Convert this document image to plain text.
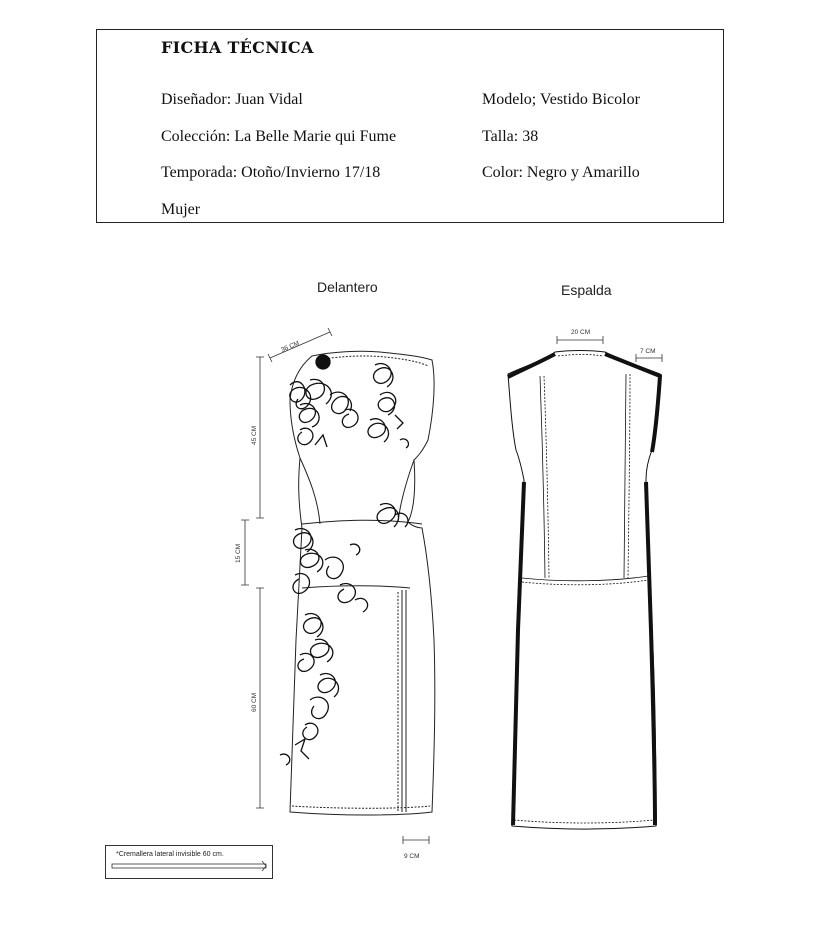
FICHA TÉCNICA
Diseñador: Juan Vidal
Colección: La Belle Marie qui Fume
Temporada: Otoño/Invierno 17/18
Mujer
Modelo; Vestido Bicolor
Talla: 38
Color: Negro y Amarillo
Delantero	Espalda
36 CM
45 CM
15 CM
60 CM
9 CM
20 CM
7 CM
*Cremallera lateral invisible 60 cm.
